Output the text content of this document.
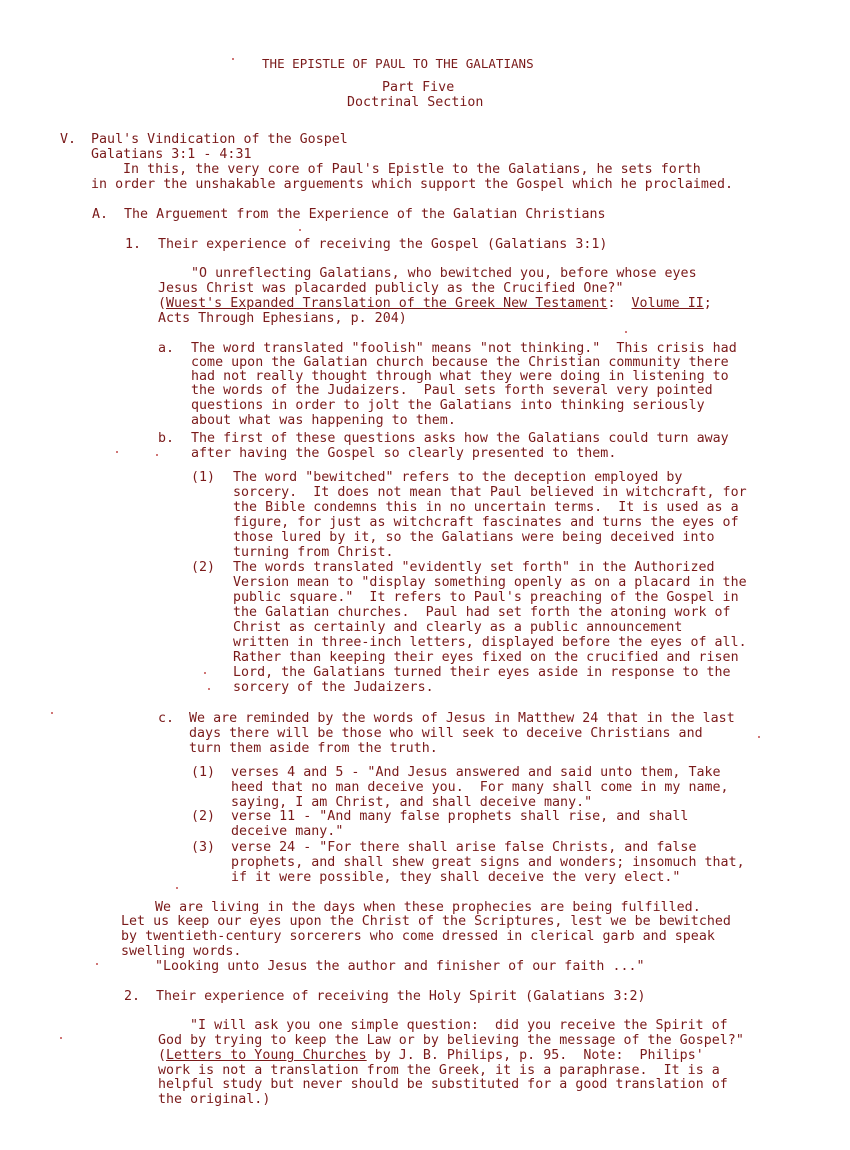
THE EPISTLE OF PAUL TO THE GALATIANS
Part Five
Doctrinal Section
V. Paul's Vindication of the Gospel
Galatians 3:1 - 4:31
In this, the very core of Paul's Epistle to the Galatians, he sets forth
in order the unshakable arguements which support the Gospel which he proclaimed.
A. The Arguement from the Experience of the Galatian Christians
1. Their experience of receiving the Gospel (Galatians 3:1)
"O unreflecting Galatians, who bewitched you, before whose eyes
Jesus Christ was placarded publicly as the Crucified One?"
(Wuest's Expanded Translation of the Greek New Testament:  Volume II;
Acts Through Ephesians, p. 204)
a. The word translated "foolish" means "not thinking."  This crisis had
come upon the Galatian church because the Christian community there
had not really thought through what they were doing in listening to
the words of the Judaizers.  Paul sets forth several very pointed
questions in order to jolt the Galatians into thinking seriously
about what was happening to them.
b. The first of these questions asks how the Galatians could turn away
after having the Gospel so clearly presented to them.
(1) The word "bewitched" refers to the deception employed by
sorcery.  It does not mean that Paul believed in witchcraft, for
the Bible condemns this in no uncertain terms.  It is used as a
figure, for just as witchcraft fascinates and turns the eyes of
those lured by it, so the Galatians were being deceived into
turning from Christ.
(2) The words translated "evidently set forth" in the Authorized
Version mean to "display something openly as on a placard in the
public square."  It refers to Paul's preaching of the Gospel in
the Galatian churches.  Paul had set forth the atoning work of
Christ as certainly and clearly as a public announcement
written in three-inch letters, displayed before the eyes of all.
Rather than keeping their eyes fixed on the crucified and risen
Lord, the Galatians turned their eyes aside in response to the
sorcery of the Judaizers.
c. We are reminded by the words of Jesus in Matthew 24 that in the last
days there will be those who will seek to deceive Christians and
turn them aside from the truth.
(1) verses 4 and 5 - "And Jesus answered and said unto them, Take
heed that no man deceive you.  For many shall come in my name,
saying, I am Christ, and shall deceive many."
(2) verse 11 - "And many false prophets shall rise, and shall
deceive many."
(3) verse 24 - "For there shall arise false Christs, and false
prophets, and shall shew great signs and wonders; insomuch that,
if it were possible, they shall deceive the very elect."
We are living in the days when these prophecies are being fulfilled.
Let us keep our eyes upon the Christ of the Scriptures, lest we be bewitched
by twentieth-century sorcerers who come dressed in clerical garb and speak
swelling words.
"Looking unto Jesus the author and finisher of our faith ..."
2. Their experience of receiving the Holy Spirit (Galatians 3:2)
"I will ask you one simple question:  did you receive the Spirit of
God by trying to keep the Law or by believing the message of the Gospel?"
(Letters to Young Churches by J. B. Philips, p. 95.  Note:  Philips'
work is not a translation from the Greek, it is a paraphrase.  It is a
helpful study but never should be substituted for a good translation of
the original.)
